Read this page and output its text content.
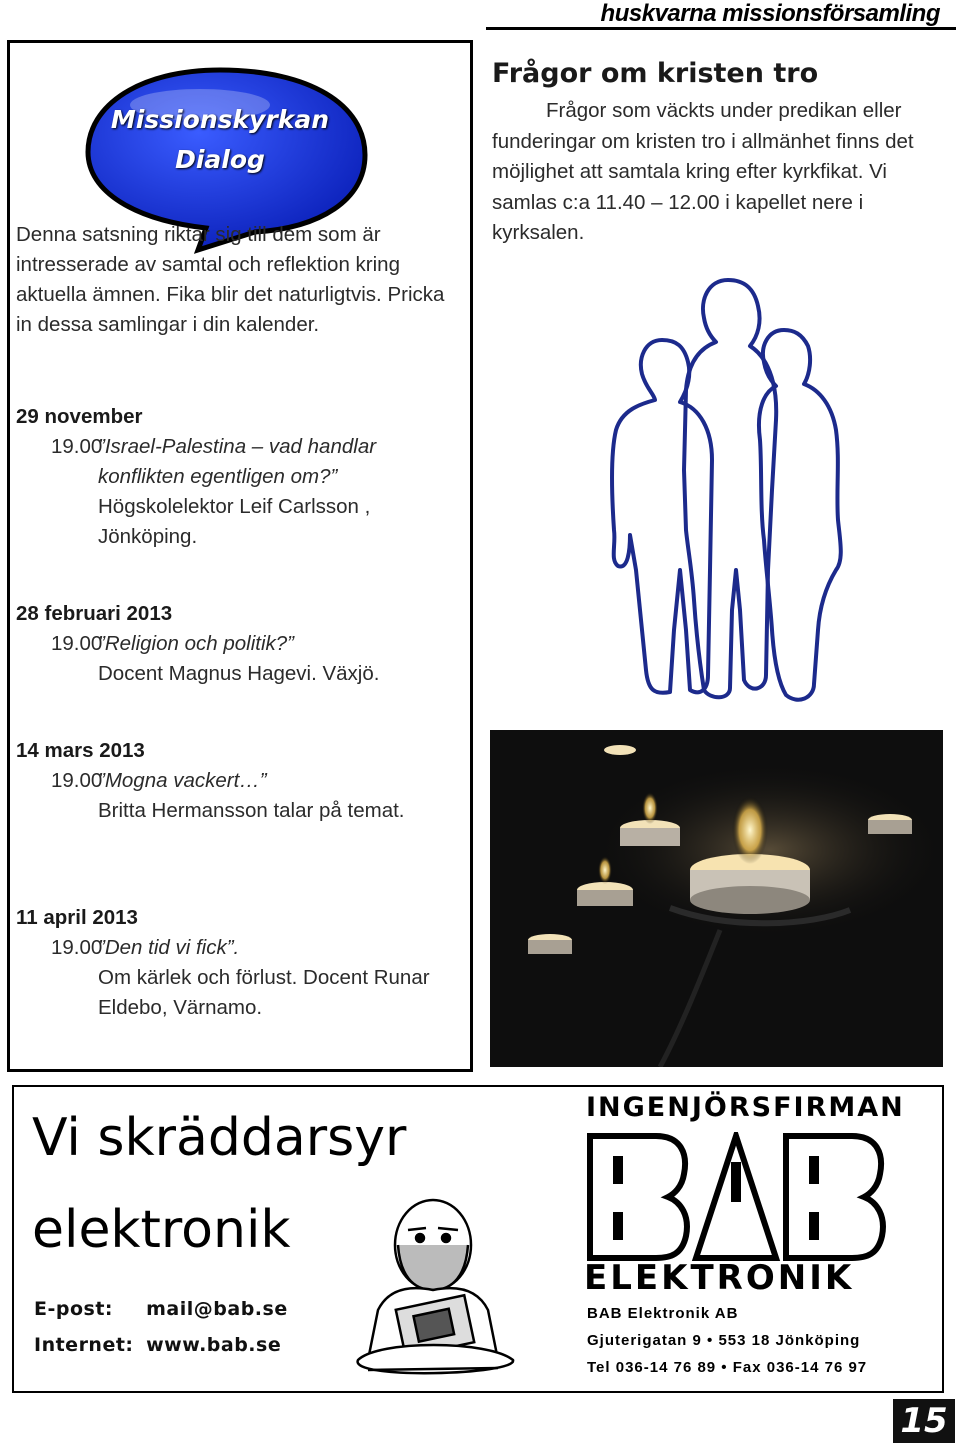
huskvarna missionsförsamling
Missionskyrkan
Dialog
Denna satsning riktar sig till dem som är intresserade av samtal och reflektion kring aktuella ämnen. Fika blir det naturligtvis. Pricka in dessa samlingar i din kalender.
29 november
19.00
”Israel-Palestina – vad handlar konflikten egentligen om?”
Högskolelektor Leif Carlsson , Jönköping.
28 februari 2013
19.00
”Religion och politik?”
Docent Magnus Hagevi. Växjö.
14 mars 2013
19.00
”Mogna vackert…”
Britta Hermansson talar på temat.
11 april 2013
19.00
”Den tid vi fick”.
Om kärlek och förlust. Docent Runar Eldebo, Värnamo.
Frågor om kristen tro
Frågor som väckts under predikan eller funderingar om kristen tro i allmänhet finns det möjlighet att samtala kring efter kyrkfikat. Vi samlas c:a 11.40 – 12.00 i kapellet nere i kyrksalen.
Vi skräddarsyr
elektronik
E-post: mail@bab.se
Internet: www.bab.se
INGENJÖRSFIRMAN
ELEKTRONIK
BAB Elektronik AB
Gjuterigatan 9 • 553 18 Jönköping
Tel 036-14 76 89 • Fax 036-14 76 97
15
